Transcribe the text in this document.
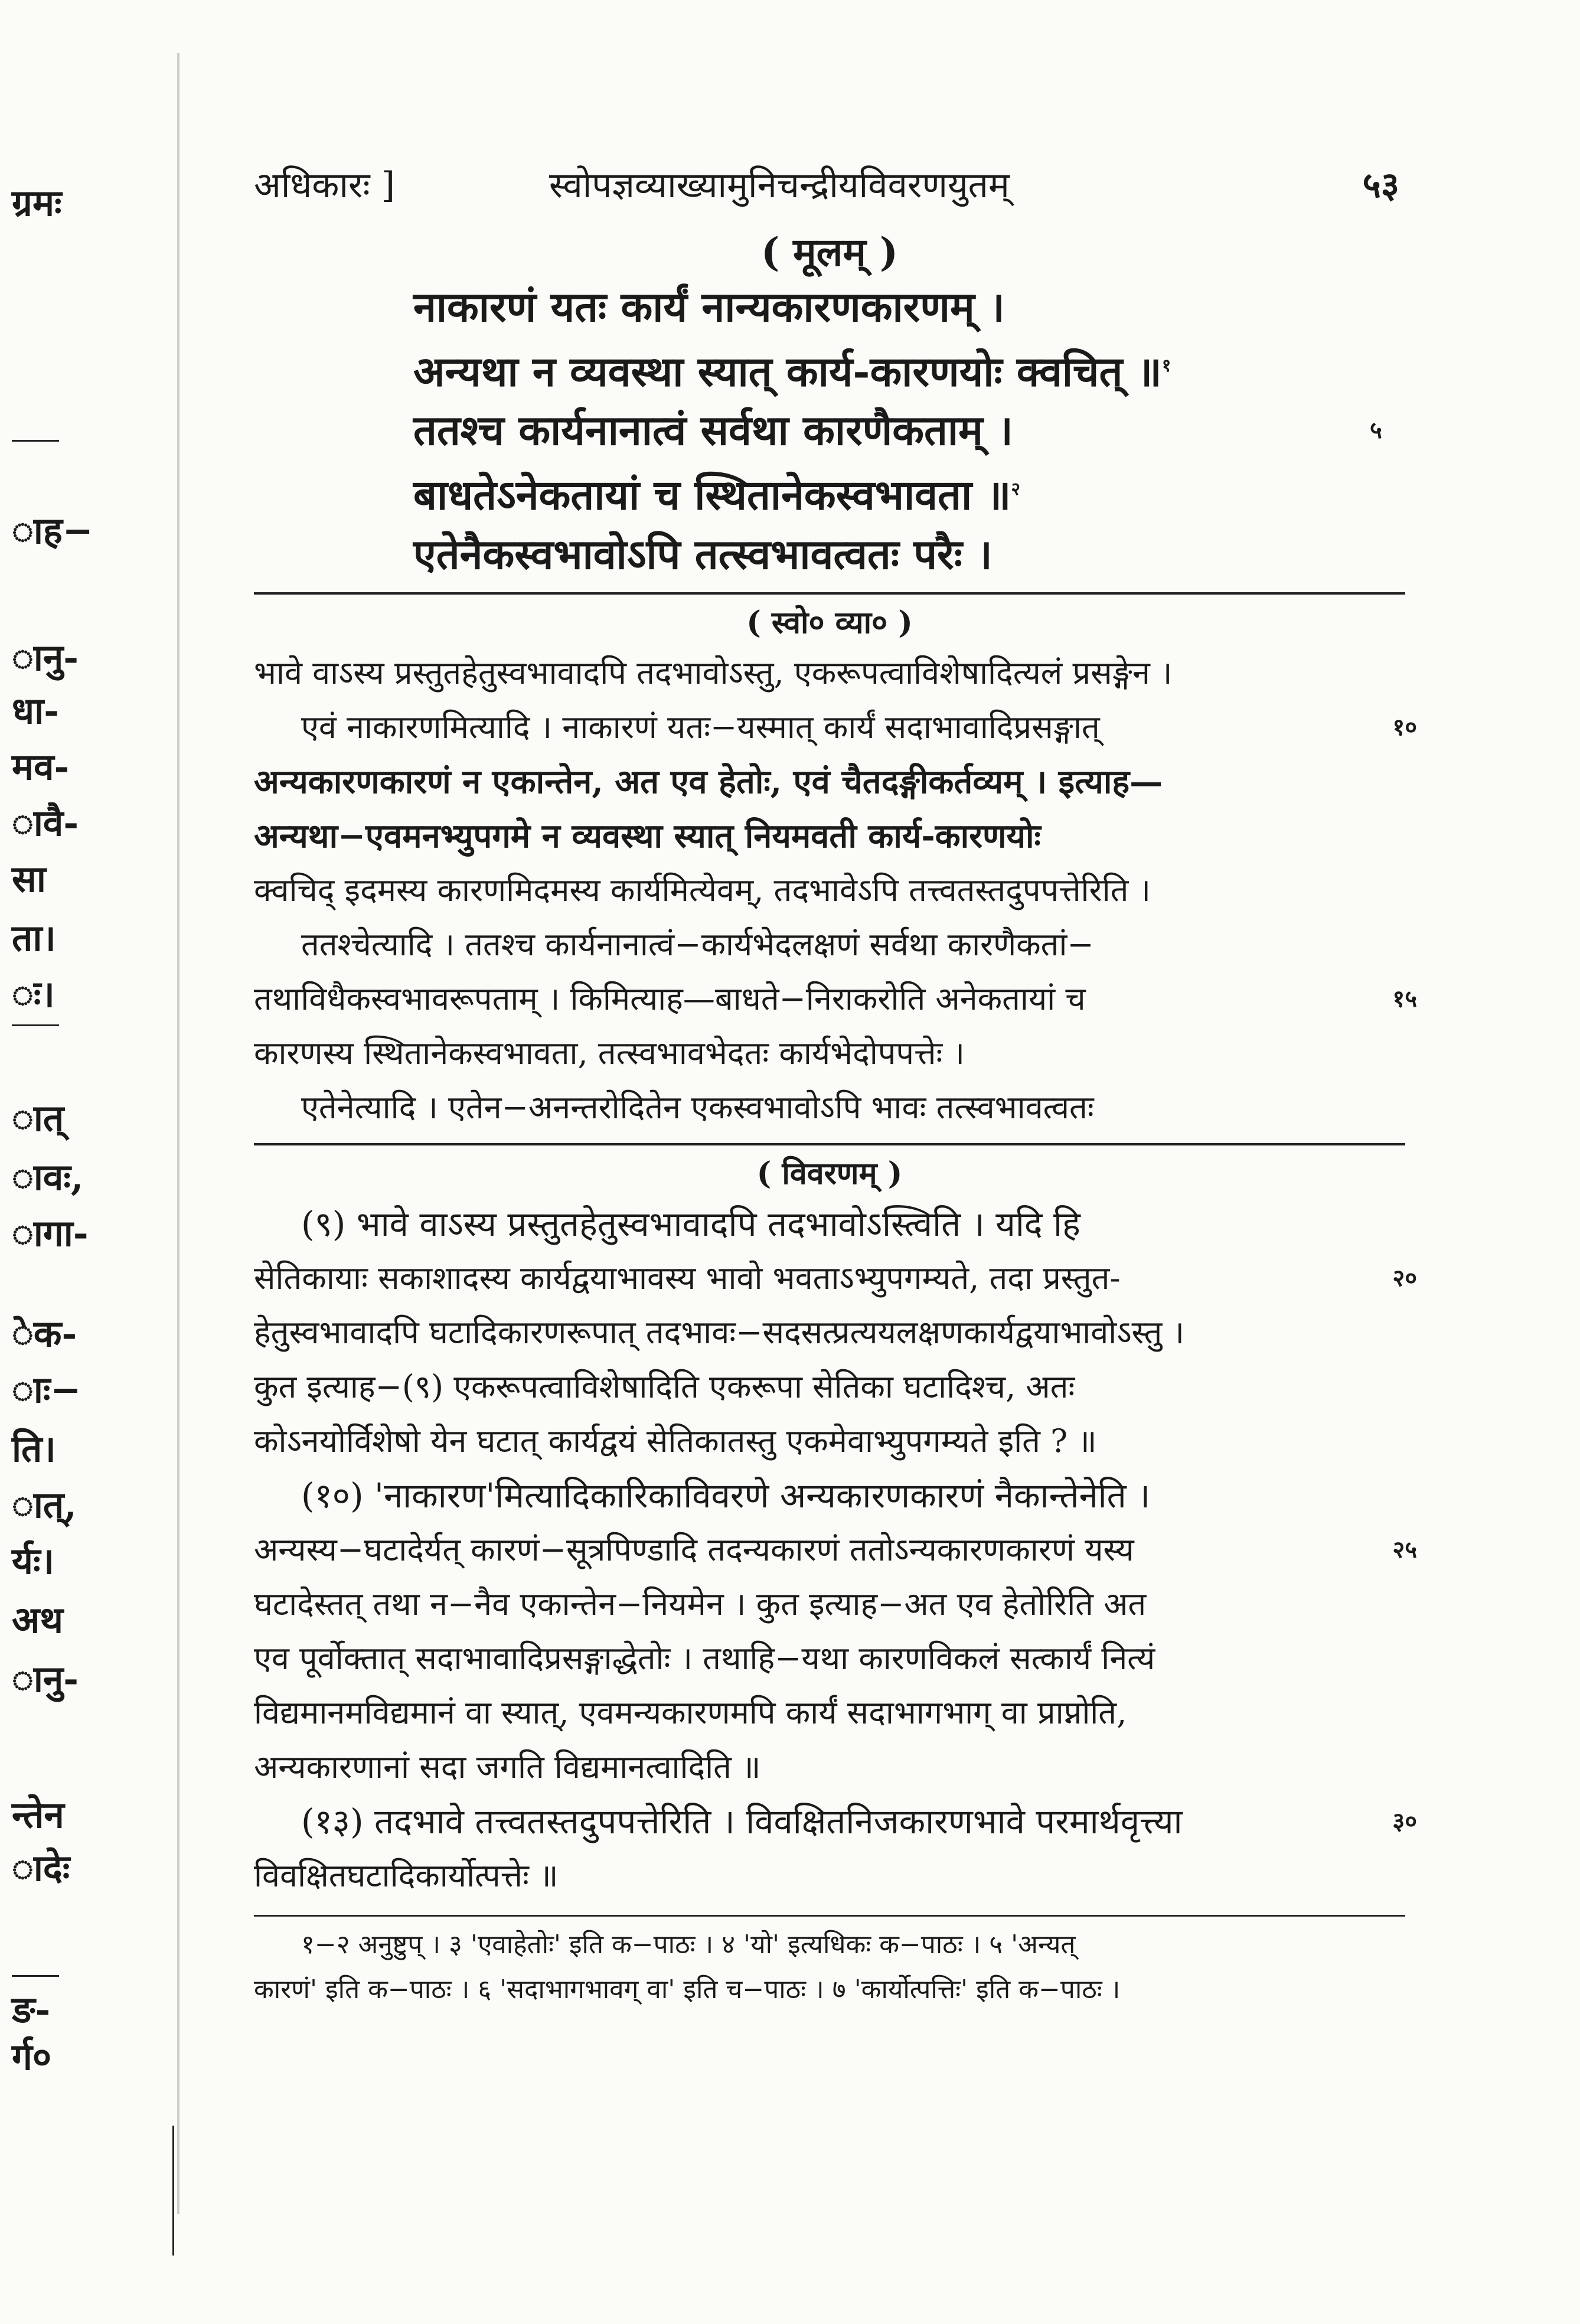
ग्रमः
ाह−
ानु-
धा-
मव-
ावै-
सा
ता।
ः।
ात्
ावः,
ागा-
ेक-
ाः−
ति।
ात्,
र्यः।
अथ
ानु-
न्तेन
ादेः
ङ-
र्ग०
अधिकारः ]	स्वोपज्ञव्याख्यामुनिचन्द्रीयविवरणयुतम्	५३
( मूलम् )
नाकारणं यतः कार्यं नान्यकारणकारणम् ।
अन्यथा न व्यवस्था स्यात् कार्य-कारणयोः क्वचित् ॥$^१$
ततश्च कार्यनानात्वं सर्वथा कारणैकताम् ।	५
बाधतेऽनेकतायां च स्थितानेकस्वभावता ॥$^२$
एतेनैकस्वभावोऽपि तत्स्वभावत्वतः परैः ।
( स्वो० व्या० )

भावे वाऽस्य प्रस्तुतहेतुस्वभावादपि तदभावोऽस्तु, एकरूपत्वाविशेषादित्यलं प्रसङ्गेन ।

एवं नाकारणमित्यादि । नाकारणं यतः−यस्मात् कार्यं सदाभावादिप्रसङ्गात्	१०

अन्यकारणकारणं न एकान्तेन, अत एव हेतोः, एवं चैतदङ्गीकर्तव्यम् । इत्याह—

अन्यथा−एवमनभ्युपगमे न व्यवस्था स्यात् नियमवती कार्य-कारणयोः

क्वचिद् इदमस्य कारणमिदमस्य कार्यमित्येवम्, तदभावेऽपि तत्त्वतस्तदुपपत्तेरिति ।

ततश्चेत्यादि । ततश्च कार्यनानात्वं−कार्यभेदलक्षणं सर्वथा कारणैकतां−

तथाविधैकस्वभावरूपताम् । किमित्याह—बाधते−निराकरोति अनेकतायां च	१५

कारणस्य स्थितानेकस्वभावता, तत्स्वभावभेदतः कार्यभेदोपपत्तेः ।

एतेनेत्यादि । एतेन−अनन्तरोदितेन एकस्वभावोऽपि भावः तत्स्वभावत्वतः

( विवरणम् )

(९) भावे वाऽस्य प्रस्तुतहेतुस्वभावादपि तदभावोऽस्त्विति । यदि हि

सेतिकायाः सकाशादस्य कार्यद्वयाभावस्य भावो भवताऽभ्युपगम्यते, तदा प्रस्तुत-	२०

हेतुस्वभावादपि घटादिकारणरूपात् तदभावः−सदसत्प्रत्ययलक्षणकार्यद्वयाभावोऽस्तु ।

कुत इत्याह−(९) एकरूपत्वाविशेषादिति एकरूपा सेतिका घटादिश्च, अतः

कोऽनयोर्विशेषो येन घटात् कार्यद्वयं सेतिकातस्तु एकमेवाभ्युपगम्यते इति ? ॥

(१०) 'नाकारण'मित्यादिकारिकाविवरणे अन्यकारणकारणं नैकान्तेनेति ।

अन्यस्य−घटादेर्यत् कारणं−सूत्रपिण्डादि तदन्यकारणं ततोऽन्यकारणकारणं यस्य	२५

घटादेस्तत् तथा न−नैव एकान्तेन−नियमेन । कुत इत्याह−अत एव हेतोरिति अत

एव पूर्वोक्तात् सदाभावादिप्रसङ्गाद्धेतोः । तथाहि−यथा कारणविकलं सत्कार्यं नित्यं

विद्यमानमविद्यमानं वा स्यात्, एवमन्यकारणमपि कार्यं सदाभागभाग् वा प्राप्नोति,

अन्यकारणानां सदा जगति विद्यमानत्वादिति ॥

(१३) तदभावे तत्त्वतस्तदुपपत्तेरिति । विवक्षितनिजकारणभावे परमार्थवृत्त्या	३०

विवक्षितघटादिकार्योत्पत्तेः ॥

१−२ अनुष्टुप् । ३ 'एवाहेतोः' इति क−पाठः । ४ 'यो' इत्यधिकः क−पाठः । ५ 'अन्यत्

कारणं' इति क−पाठः । ६ 'सदाभागभावग् वा' इति च−पाठः । ७ 'कार्योत्पत्तिः' इति क−पाठः ।
